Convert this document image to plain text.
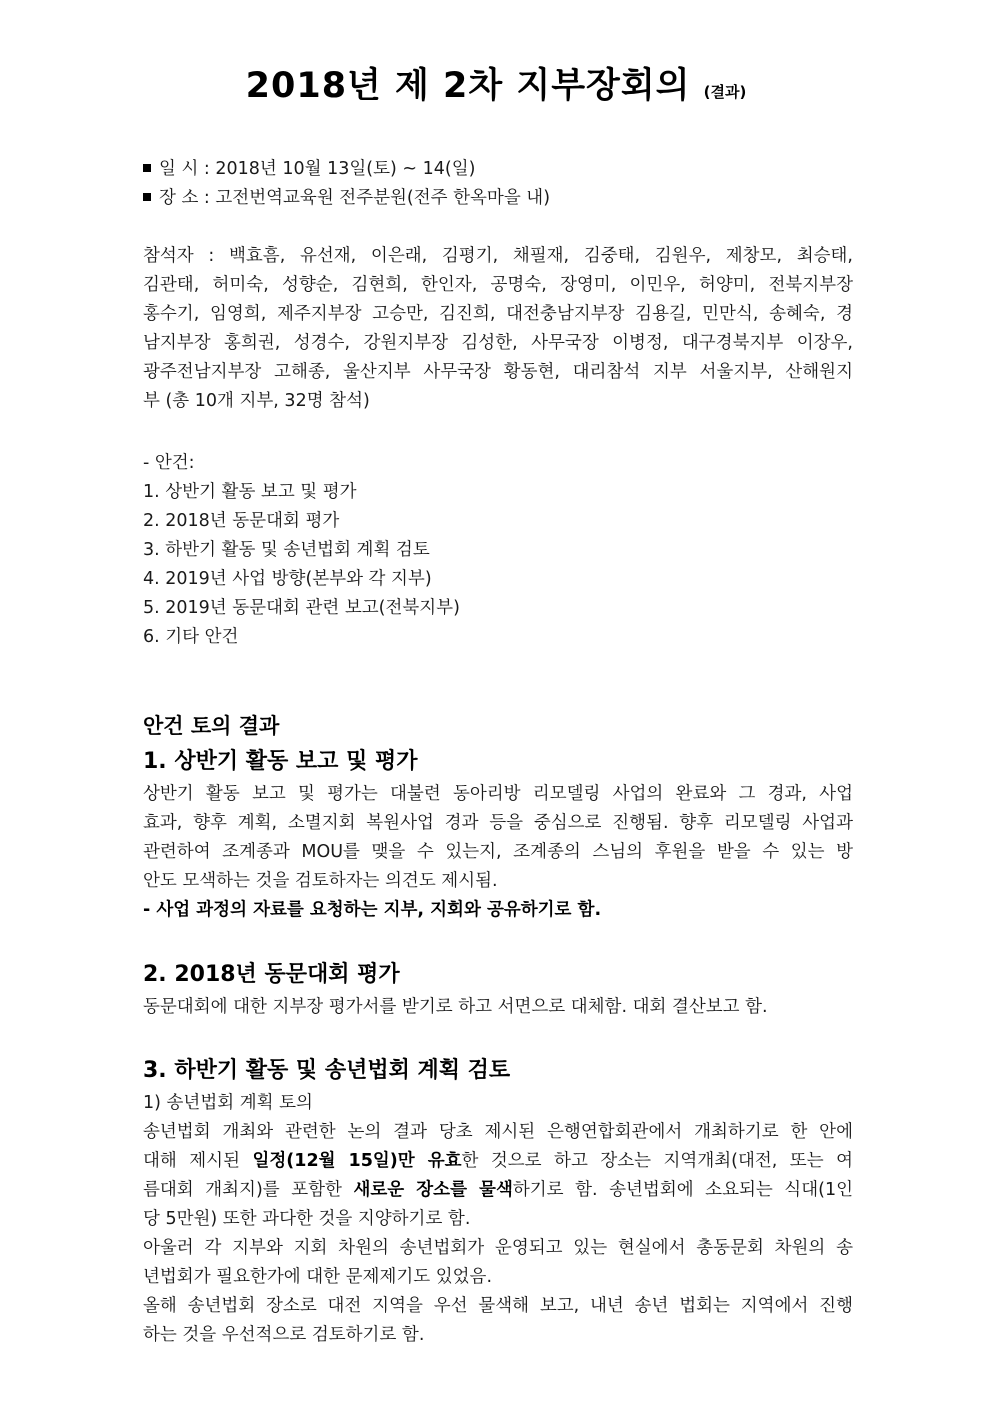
2018년 제 2차 지부장회의 (결과)
일 시 : 2018년 10월 13일(토) ~ 14(일)
장 소 : 고전번역교육원 전주분원(전주 한옥마을 내)
참석자 : 백효흠, 유선재, 이은래, 김평기, 채필재, 김중태, 김원우, 제창모, 최승태,
김관태, 허미숙, 성향순, 김현희, 한인자, 공명숙, 장영미, 이민우, 허양미, 전북지부장
홍수기, 임영희, 제주지부장 고승만, 김진희, 대전충남지부장 김용길, 민만식, 송혜숙, 경
남지부장 홍희권, 성경수, 강원지부장 김성한, 사무국장 이병정, 대구경북지부 이장우,
광주전남지부장 고해종, 울산지부 사무국장 황동현, 대리참석 지부 서울지부, 산해원지
부 (총 10개 지부, 32명 참석)
- 안건:
1. 상반기 활동 보고 및 평가
2. 2018년 동문대회 평가
3. 하반기 활동 및 송년법회 계획 검토
4. 2019년 사업 방향(본부와 각 지부)
5. 2019년 동문대회 관련 보고(전북지부)
6. 기타 안건
안건 토의 결과
1. 상반기 활동 보고 및 평가
상반기 활동 보고 및 평가는 대불련 동아리방 리모델링 사업의 완료와 그 경과, 사업
효과, 향후 계획, 소멸지회 복원사업 경과 등을 중심으로 진행됨. 향후 리모델링 사업과
관련하여 조계종과 MOU를 맺을 수 있는지, 조계종의 스님의 후원을 받을 수 있는 방
안도 모색하는 것을 검토하자는 의견도 제시됨.
- 사업 과정의 자료를 요청하는 지부, 지회와 공유하기로 함.
2. 2018년 동문대회 평가
동문대회에 대한 지부장 평가서를 받기로 하고 서면으로 대체함. 대회 결산보고 함.
3. 하반기 활동 및 송년법회 계획 검토
1) 송년법회 계획 토의
송년법회 개최와 관련한 논의 결과 당초 제시된 은행연합회관에서 개최하기로 한 안에
대해 제시된 일정(12월 15일)만 유효한 것으로 하고 장소는 지역개최(대전, 또는 여
름대회 개최지)를 포함한 새로운 장소를 물색하기로 함. 송년법회에 소요되는 식대(1인
당 5만원) 또한 과다한 것을 지양하기로 함.
아울러 각 지부와 지회 차원의 송년법회가 운영되고 있는 현실에서 총동문회 차원의 송
년법회가 필요한가에 대한 문제제기도 있었음.
올해 송년법회 장소로 대전 지역을 우선 물색해 보고, 내년 송년 법회는 지역에서 진행
하는 것을 우선적으로 검토하기로 함.
